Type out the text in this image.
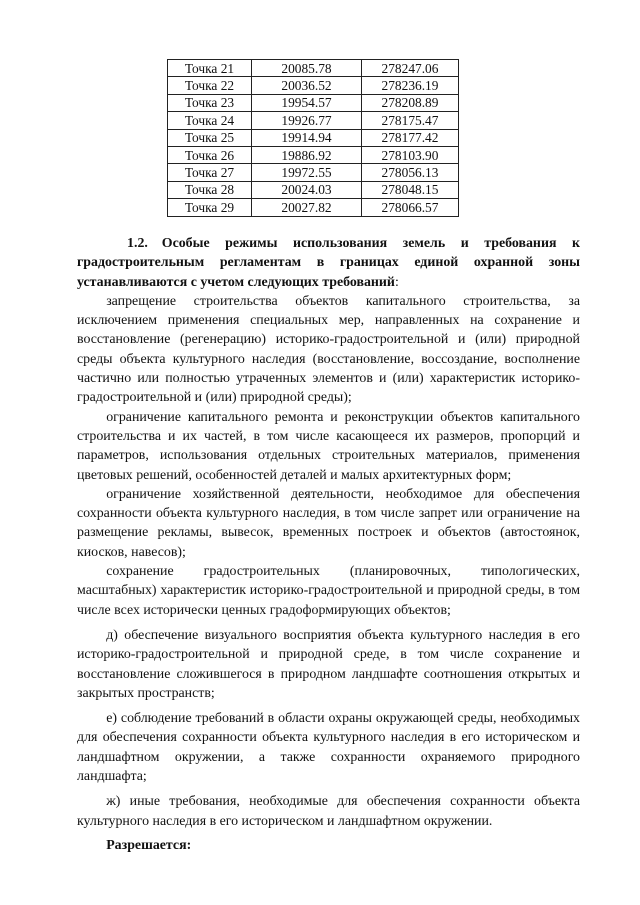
Точка 21	20085.78	278247.06
Точка 22	20036.52	278236.19
Точка 23	19954.57	278208.89
Точка 24	19926.77	278175.47
Точка 25	19914.94	278177.42
Точка 26	19886.92	278103.90
Точка 27	19972.55	278056.13
Точка 28	20024.03	278048.15
Точка 29	20027.82	278066.57

1.2. Особые режимы использования земель и требования к градостроительным регламентам в границах единой охранной зоны устанавливаются с учетом следующих требований:

запрещение строительства объектов капитального строительства, за исключением применения специальных мер, направленных на сохранение и восстановление (регенерацию) историко-градостроительной и (или) природной среды объекта культурного наследия (восстановление, воссоздание, восполнение частично или полностью утраченных элементов и (или) характеристик историко-градостроительной и (или) природной среды);

ограничение капитального ремонта и реконструкции объектов капитального строительства и их частей, в том числе касающееся их размеров, пропорций и параметров, использования отдельных строительных материалов, применения цветовых решений, особенностей деталей и малых архитектурных форм;

ограничение хозяйственной деятельности, необходимое для обеспечения сохранности объекта культурного наследия, в том числе запрет или ограничение на размещение рекламы, вывесок, временных построек и объектов (автостоянок, киосков, навесов);

сохранение градостроительных (планировочных, типологических, масштабных) характеристик историко-градостроительной и природной среды, в том числе всех исторически ценных градоформирующих объектов;

д) обеспечение визуального восприятия объекта культурного наследия в его историко-градостроительной и природной среде, в том числе сохранение и восстановление сложившегося в природном ландшафте соотношения открытых и закрытых пространств;

е) соблюдение требований в области охраны окружающей среды, необходимых для обеспечения сохранности объекта культурного наследия в его историческом и ландшафтном окружении, а также сохранности охраняемого природного ландшафта;

ж) иные требования, необходимые для обеспечения сохранности объекта культурного наследия в его историческом и ландшафтном окружении.

Разрешается:
